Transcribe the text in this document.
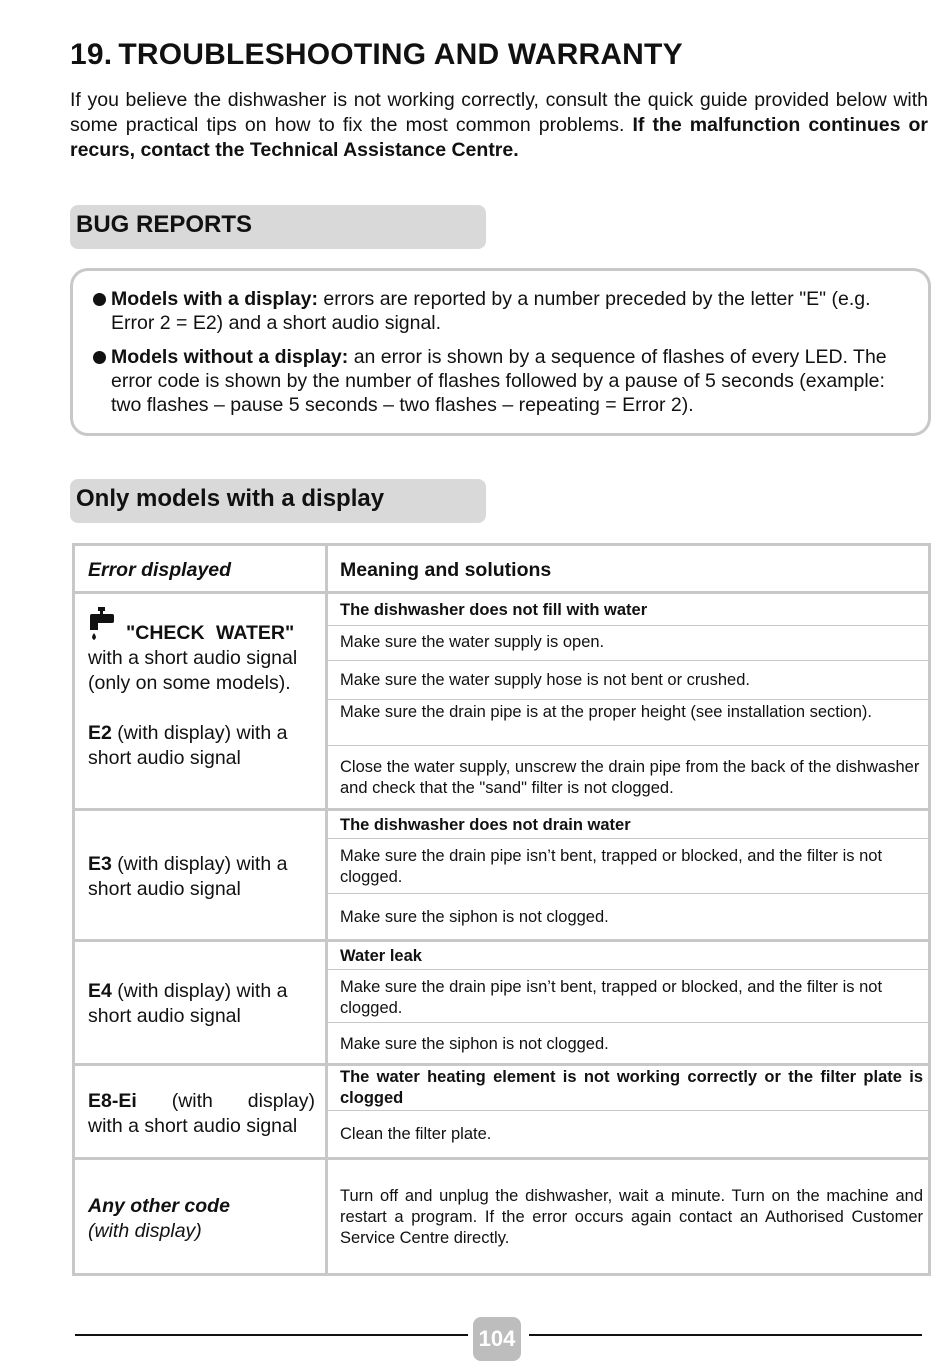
19. TROUBLESHOOTING AND WARRANTY

If you believe the dishwasher is not working correctly, consult the quick guide provided below with some practical tips on how to fix the most common problems. If the malfunction continues or recurs, contact the Technical Assistance Centre.

BUG REPORTS
Models with a display: errors are reported by a number preceded by the letter "E" (e.g. Error 2 = E2) and a short audio signal.
Models without a display: an error is shown by a sequence of flashes of every LED. The error code is shown by the number of flashes followed by a pause of 5 seconds (example: two flashes – pause 5 seconds – two flashes – repeating = Error 2).
Only models with a display
Error displayed	Meaning and solutions
"CHECK WATER"
with a short audio signal (only on some models).
E2 (with display) with a short audio signal
The dishwasher does not fill with water
Make sure the water supply is open.
Make sure the water supply hose is not bent or crushed.
Make sure the drain pipe is at the proper height (see installation section).
Close the water supply, unscrew the drain pipe from the back of the dishwasher and check that the "sand" filter is not clogged.
E3 (with display) with a short audio signal
The dishwasher does not drain water
Make sure the drain pipe isn’t bent, trapped or blocked, and the filter is not clogged.
Make sure the siphon is not clogged.
E4 (with display) with a short audio signal
Water leak
Make sure the drain pipe isn’t bent, trapped or blocked, and the filter is not clogged.
Make sure the siphon is not clogged.
E8-Ei (with display)
with a short audio signal
The water heating element is not working correctly or the filter plate is clogged
Clean the filter plate.
Any other code
(with display)
Turn off and unplug the dishwasher, wait a minute. Turn on the machine and restart a program. If the error occurs again contact an Authorised Customer Service Centre directly.
104
